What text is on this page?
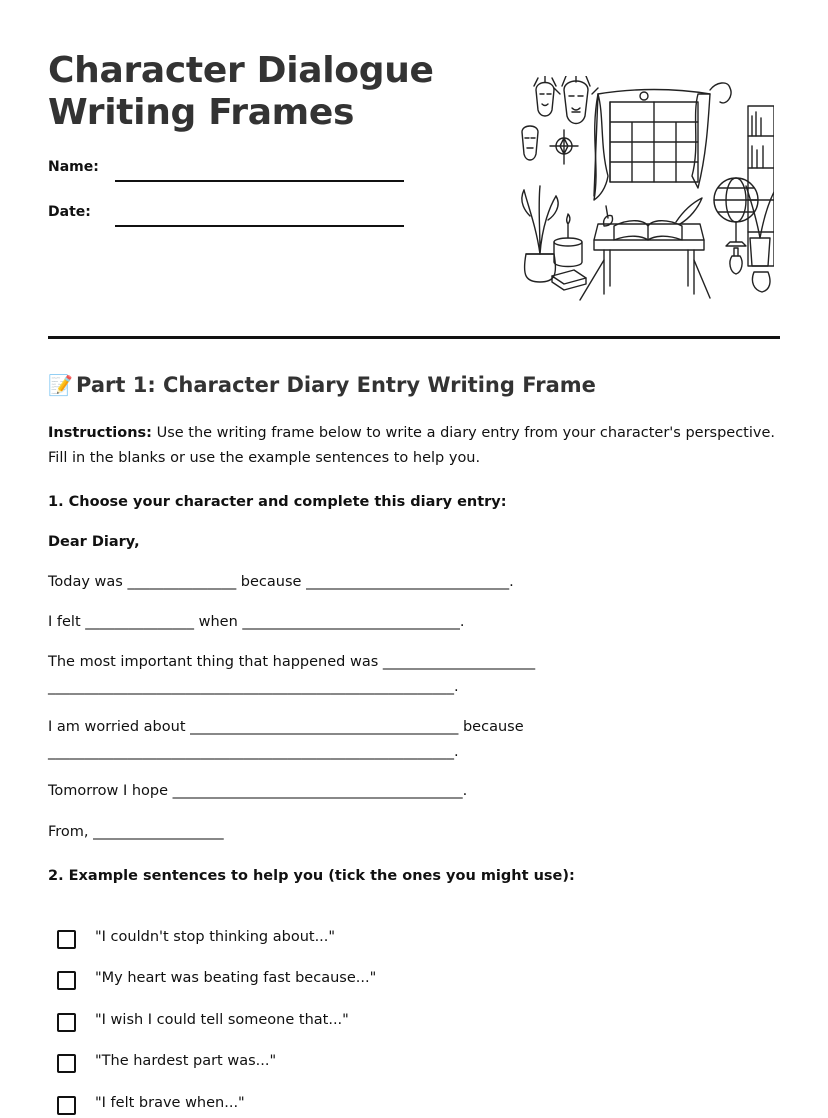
Character Dialogue
Writing Frames
Name:
Date:
📝 Part 1: Character Diary Entry Writing Frame
Instructions: Use the writing frame below to write a diary entry from your character's perspective. Fill in the blanks or use the example sentences to help you.
1. Choose your character and complete this diary entry:
Dear Diary,
Today was _______________ because ____________________________.
I felt _______________ when ______________________________.
The most important thing that happened was _____________________
________________________________________________________.
I am worried about _____________________________________ because
________________________________________________________.
Tomorrow I hope ________________________________________.
From, __________________
2. Example sentences to help you (tick the ones you might use):
"I couldn't stop thinking about..."
"My heart was beating fast because..."
"I wish I could tell someone that..."
"The hardest part was..."
"I felt brave when..."
